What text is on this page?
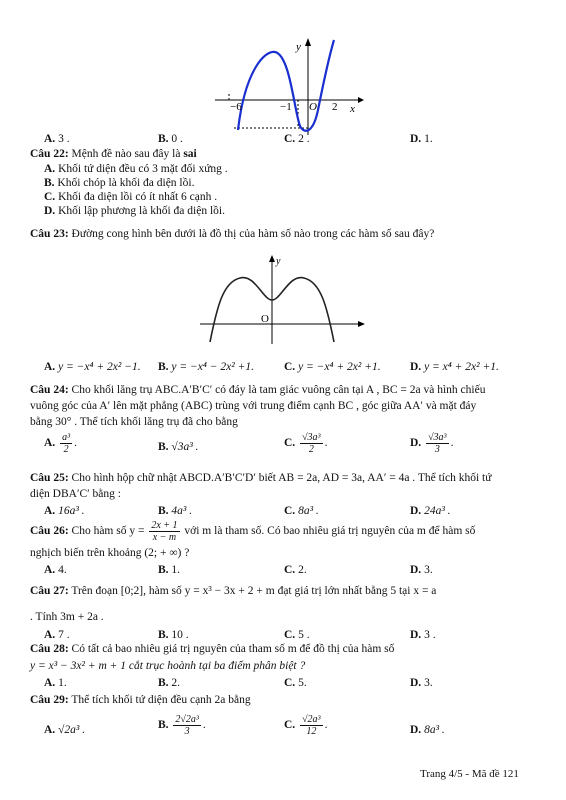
y
x
−6	−1 O 2
A. 3 .	B. 0 .	C. 2 .	D. 1.
Câu 22: Mệnh đề nào sau đây là sai
A. Khối tứ diện đều có 3 mặt đối xứng .
B. Khối chóp là khối đa diện lồi.
C. Khối đa diện lồi có ít nhất 6 cạnh .
D. Khối lập phương là khối đa diện lồi.
Câu 23: Đường cong hình bên dưới là đồ thị của hàm số nào trong các hàm số sau đây?
y
O
A. y = −x⁴ + 2x² −1. B. y = −x⁴ − 2x² +1.	C. y = −x⁴ + 2x² +1.	D. y = x⁴ + 2x² +1.
Câu 24: Cho khối lăng trụ ABC.A′B′C′ có đáy là tam giác vuông cân tại A , BC = 2a và hình chiếu
vuông góc của A′ lên mặt phẳng (ABC) trùng với trung điểm cạnh BC , góc giữa AA′ và mặt đáy
bằng 30° . Thể tích khối lăng trụ đã cho bằng
A. $\frac{\text{a³}}{2}$ .	B. √3a³ .	C. $\frac{\text{√3a³}}{2}$ .	D. $\frac{\text{√3a³}}{3}$ .
Câu 25: Cho hình hộp chữ nhật ABCD.A′B′C′D′ biết AB = 2a, AD = 3a, AA′ = 4a . Thể tích khối tứ
diện DBA′C′ bằng :
A. 16a³ .	B. 4a³ .	C. 8a³ .	D. 24a³ .
Câu 26: Cho hàm số $y = \frac{2x + 1}{x - m}$ với m là tham số. Có bao nhiêu giá trị nguyên của m để hàm số
nghịch biến trên khoảng (2; + ∞) ?
A. 4.	B. 1.	C. 2.	D. 3.
Câu 27: Trên đoạn [0;2], hàm số y = x³ − 3x + 2 + m đạt giá trị lớn nhất bằng 5 tại x = a
. Tính 3m + 2a .
A. 7 .	B. 10 .	C. 5 .	D. 3 .
Câu 28: Có tất cả bao nhiêu giá trị nguyên của tham số m để đồ thị của hàm số
y = x³ − 3x² + m + 1 cắt trục hoành tại ba điểm phân biệt ?
A. 1.	B. 2.	C. 5.	D. 3.
Câu 29: Thể tích khối tứ diện đều cạnh 2a bằng
A. √2a³ .	B. $\frac{\text{2√2a³}}{3}$ .	C. $\frac{\text{√2a³}}{12}$ .	D. 8a³ .
Trang 4/5 - Mã đề 121
